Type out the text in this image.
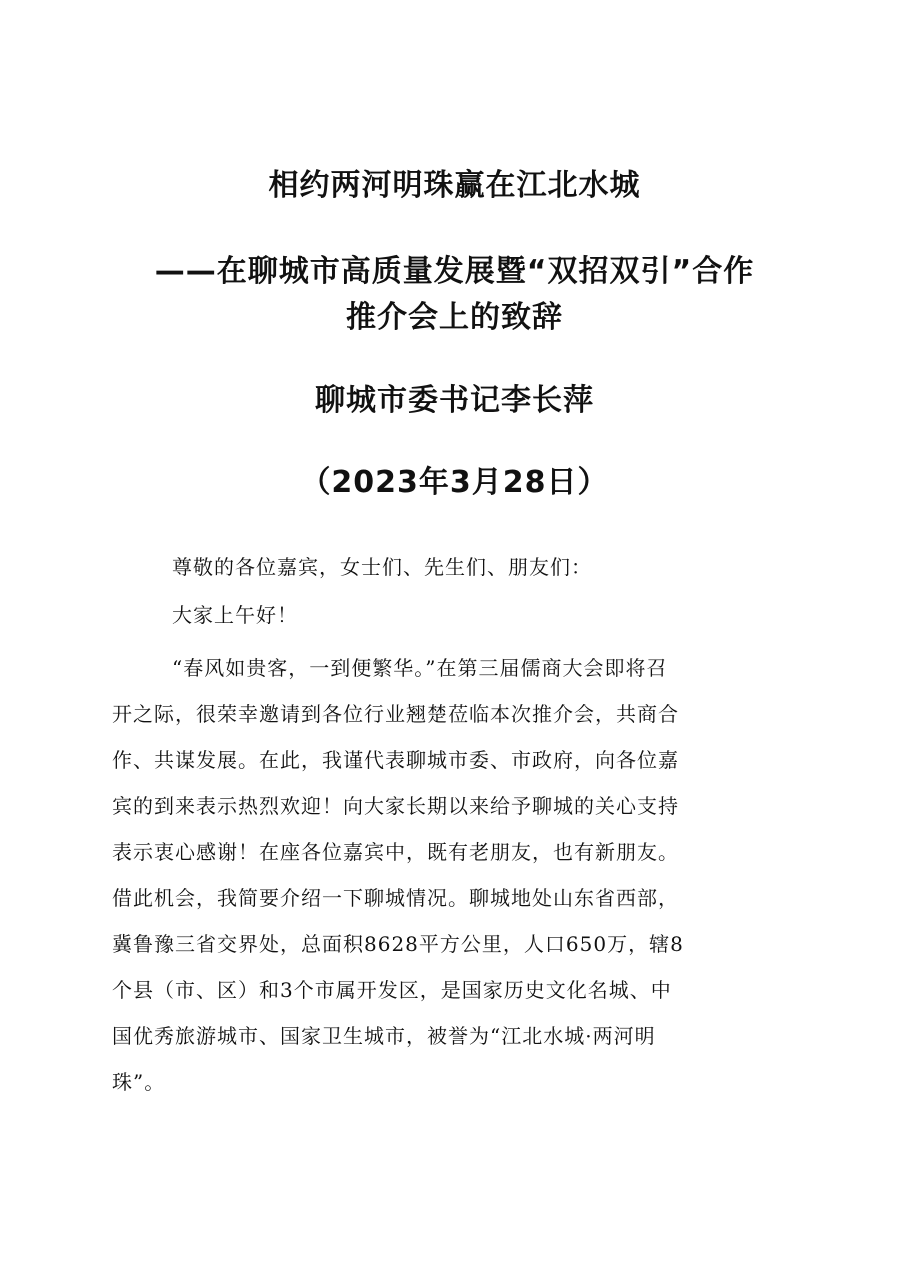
相约两河明珠赢在江北水城
——在聊城市高质量发展暨“双招双引”合作
推介会上的致辞
聊城市委书记李长萍
（2023年3月28日）
尊敬的各位嘉宾，女士们、先生们、朋友们：
大家上午好！
“春风如贵客，一到便繁华。”在第三届儒商大会即将召
开之际，很荣幸邀请到各位行业翘楚莅临本次推介会，共商合
作、共谋发展。在此，我谨代表聊城市委、市政府，向各位嘉
宾的到来表示热烈欢迎！向大家长期以来给予聊城的关心支持
表示衷心感谢！在座各位嘉宾中，既有老朋友，也有新朋友。
借此机会，我简要介绍一下聊城情况。聊城地处山东省西部，
冀鲁豫三省交界处，总面积8628平方公里，人口650万，辖8
个县（市、区）和3个市属开发区，是国家历史文化名城、中
国优秀旅游城市、国家卫生城市，被誉为“江北水城·两河明
珠”。
